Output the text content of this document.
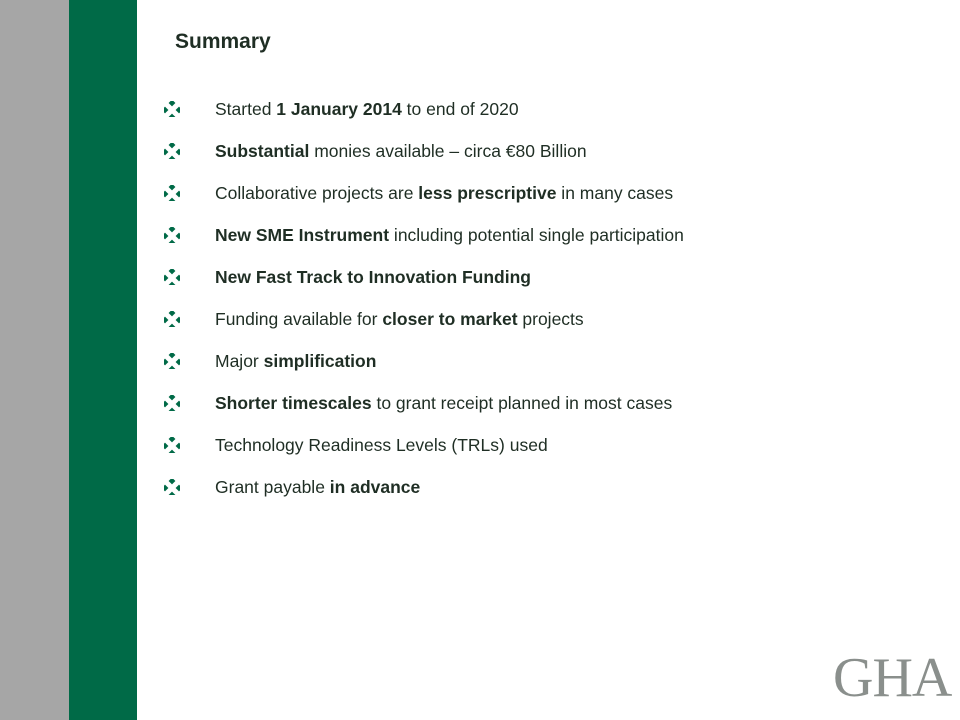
Summary
Started 1 January 2014 to end of 2020
Substantial monies available – circa €80 Billion
Collaborative projects are less prescriptive in many cases
New SME Instrument including potential single participation
New Fast Track to Innovation Funding
Funding available for closer to market projects
Major simplification
Shorter timescales to grant receipt planned in most cases
Technology Readiness Levels (TRLs) used
Grant payable in advance
GHA
